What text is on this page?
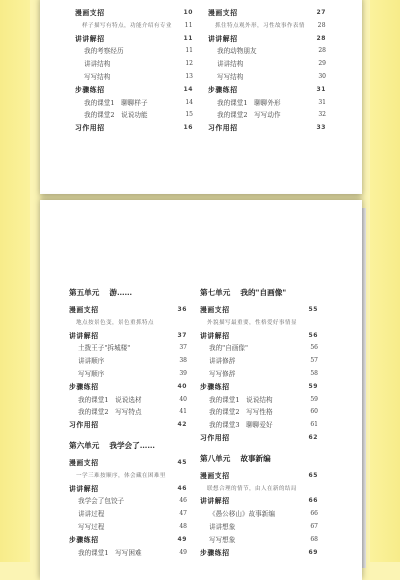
漫画支招	10
样子描写有特点，功能介绍有专业 11
讲讲解招	11
我的考察经历	11
讲讲结构	12
写写结构	13
步骤练招	14
我的课堂1　聊聊样子	14
我的课堂2　说说功能	15
习作用招	16
漫画支招	27
抓住特点观外形，习性故事作表情 28
讲讲解招	28
我的动物朋友	28
讲讲结构	29
写写结构	30
步骤练招	31
我的课堂1　聊聊外形	31
我的课堂2　写写动作	32
习作用招	33
第五单元 游……
漫画支招	36
地点按景色变，景色重抓特点
讲讲解招	37
土拨王子"拆城楼"	37
讲讲顺序	38
写写顺序	39
步骤练招	40
我的课堂1　说说选材	40
我的课堂2　写写特点	41
习作用招	42
第六单元 我学会了……
漫画支招	45
一学三难按顺序，体会藏在困难里
讲讲解招	46
我学会了包饺子	46
讲讲过程	47
写写过程	48
步骤练招	49
我的课堂1　写写困难	49
第七单元 我的"自画像"
漫画支招	55
外貌描写最重要，性格爱好事情显
讲讲解招	56
我的"自画像"	56
讲讲修辞	57
写写修辞	58
步骤练招	59
我的课堂1　说说结构	59
我的课堂2　写写性格	60
我的课堂3　聊聊爱好	61
习作用招	62
第八单元 故事新编
漫画支招	65
联想合理的情节，由人在新的结局
讲讲解招	66
《愚公移山》故事新编	66
讲讲想象	67
写写想象	68
步骤练招	69
